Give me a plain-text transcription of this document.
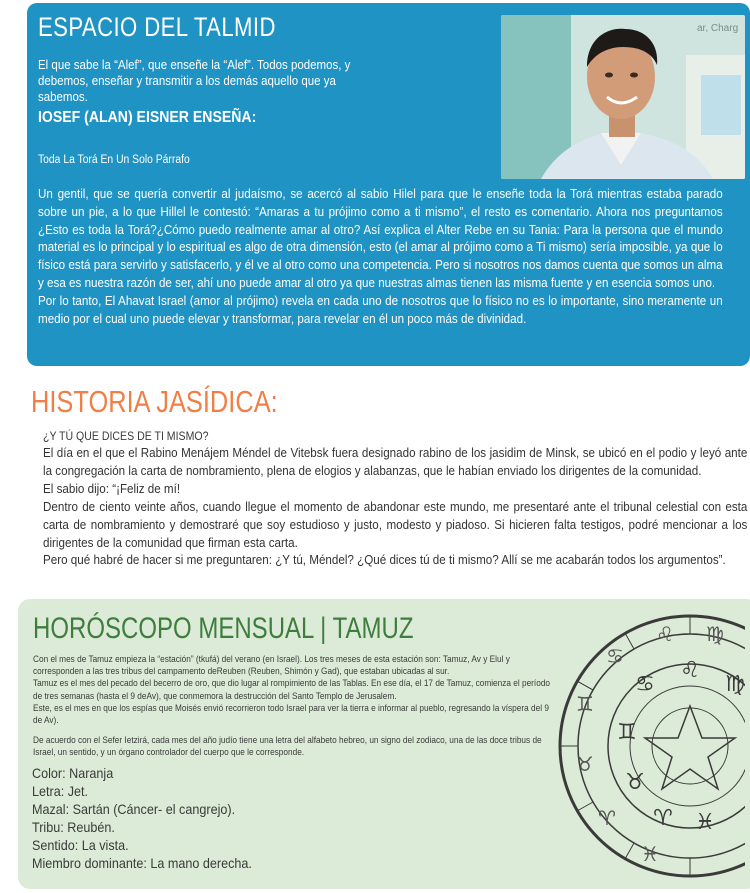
ESPACIO DEL TALMID
El que sabe la “Alef”, que enseñe la “Alef”. Todos podemos, y debemos, enseñar y transmitir a los demás aquello que ya sabemos.
IOSEF (ALAN) EISNER ENSEÑA:
Toda La Torá En Un Solo Párrafo
ar, Charg

Un gentil, que se quería convertir al judaísmo, se acercó al sabio Hilel para que le enseñe toda la Torá mientras estaba parado sobre un pie, a lo que Hillel le contestó: “Amaras a tu prójimo como a ti mismo”, el resto es comentario. Ahora nos preguntamos ¿Esto es toda la Torá?¿Cómo puedo realmente amar al otro? Así explica el Alter Rebe en su Tania: Para la persona que el mundo material es lo principal y lo espiritual es algo de otra dimensión, esto (el amar al prójimo como a Ti mismo) sería imposible, ya que lo físico está para servirlo y satisfacerlo, y él ve al otro como una competencia. Pero si nosotros nos damos cuenta que somos un alma y esa es nuestra razón de ser, ahí uno puede amar al otro ya que nuestras almas tienen las misma fuente y en esencia somos uno.

Por lo tanto, El Ahavat Israel (amor al prójimo) revela en cada uno de nosotros que lo físico no es lo importante, sino meramente un medio por el cual uno puede elevar y transformar, para revelar en él un poco más de divinidad.

HISTORIA JASÍDICA:
¿Y TÚ QUE DICES DE TI MISMO?

El día en el que el Rabino Menájem Méndel de Vitebsk fuera designado rabino de los jasidim de Minsk, se ubicó en el podio y leyó ante la congregación la carta de nombramiento, plena de elogios y alabanzas, que le habían enviado los dirigentes de la comunidad.

El sabio dijo: “¡Feliz de mí!

Dentro de ciento veinte años, cuando llegue el momento de abandonar este mundo, me presentaré ante el tribunal celestial con esta carta de nombramiento y demostraré que soy estudioso y justo, modesto y piadoso. Si hicieren falta testigos, podré mencionar a los dirigentes de la comunidad que firman esta carta.

Pero qué habré de hacer si me preguntaren: ¿Y tú, Méndel? ¿Qué dices tú de ti mismo? Allí se me acabarán todos los argumentos”.

HORÓSCOPO MENSUAL | TAMUZ

Con el mes de Tamuz empieza la “estación” (tkufá) del verano (en Israel). Los tres meses de esta estación son: Tamuz, Av y Elul y corresponden a las tres tribus del campamento deReuben (Reuben, Shimón y Gad), que estaban ubicadas al sur.

Tamuz es el mes del pecado del becerro de oro, que dio lugar al rompimiento de las Tablas. En ese día, el 17 de Tamuz, comienza el período de tres semanas (hasta el 9 deAv), que conmemora la destrucción del Santo Templo de Jerusalem.

Este, es el mes en que los espías que Moisés envió recorrieron todo Israel para ver la tierra e informar al pueblo, regresando la víspera del 9 de Av).

De acuerdo con el Sefer Ietzirá, cada mes del año judío tiene una letra del alfabeto hebreo, un signo del zodiaco, una de las doce tribus de Israel, un sentido, y un órgano controlador del cuerpo que le corresponde.

Color: Naranja
Letra: Jet.
Mazal: Sartán (Cáncer- el cangrejo).
Tribu: Reubén.
Sentido: La vista.
Miembro dominante: La mano derecha.
♌
♋
♊
♉
♈ ♓
♍
♌
♋
♊
♉
♈
♓
♍
